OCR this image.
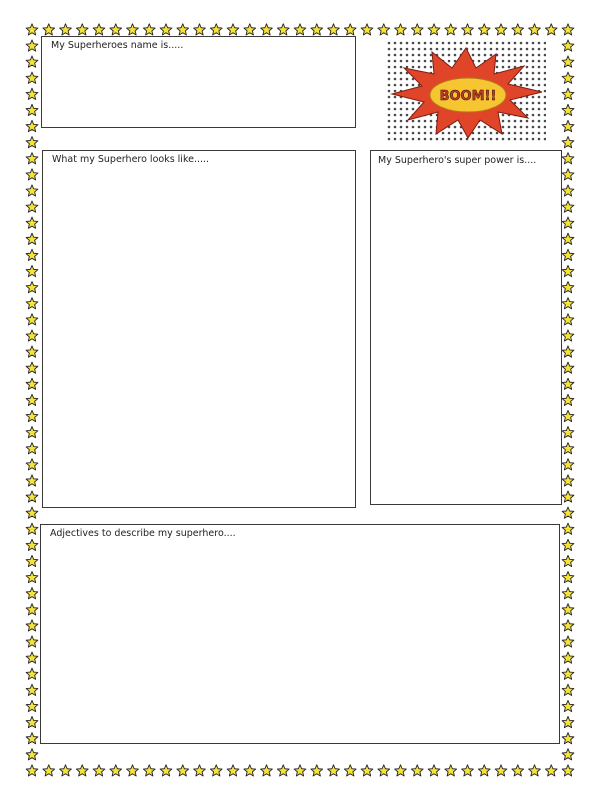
My Superheroes name is.....
BOOM!!
What my Superhero looks like.....	My Superhero's super power is....
Adjectives to describe my superhero....
